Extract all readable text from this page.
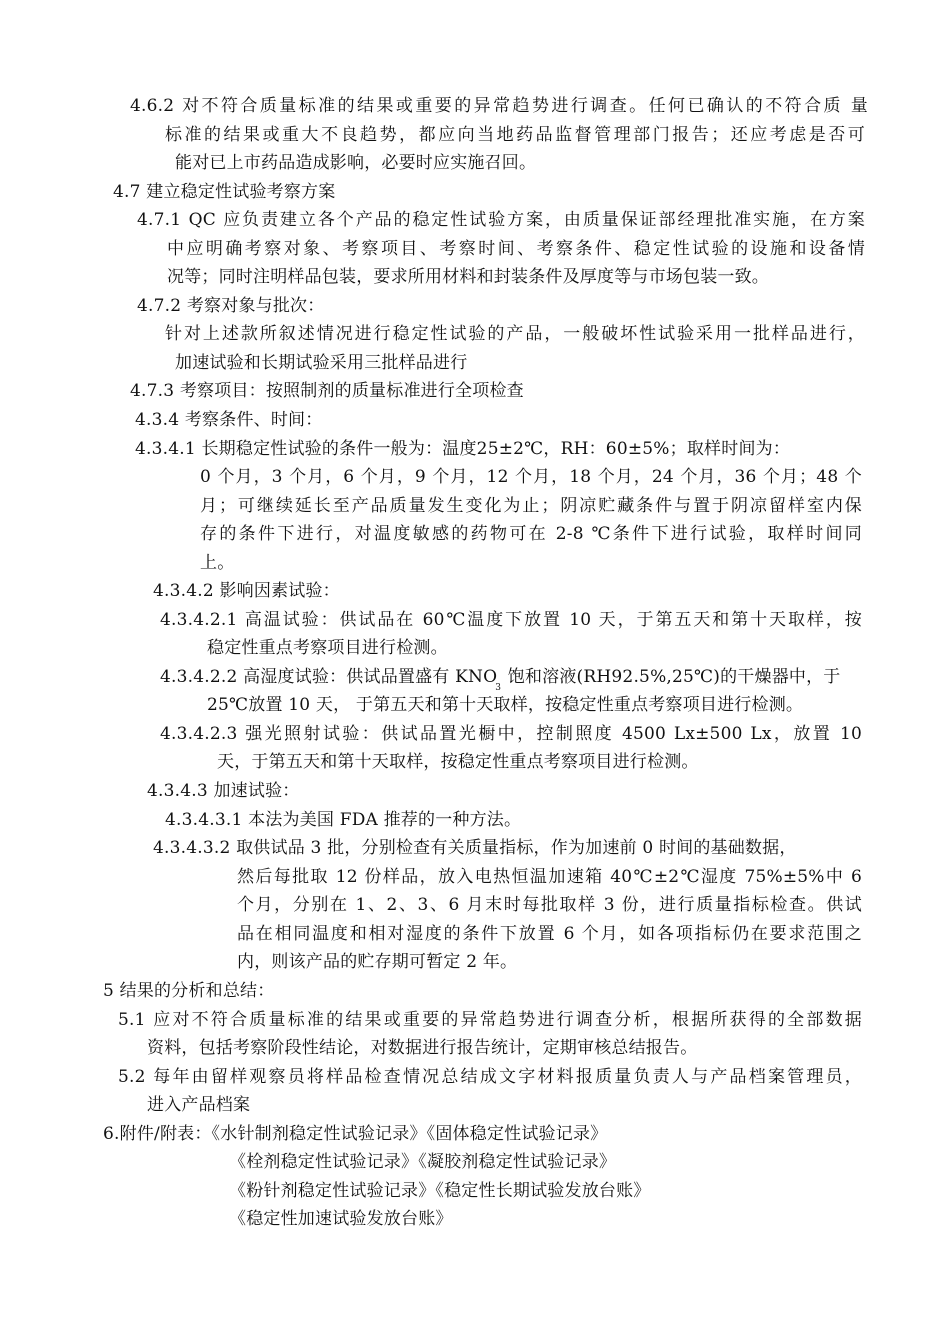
4.6.2 对不符合质量标准的结果或重要的异常趋势进行调查。任何已确认的不符合质 量
标准的结果或重大不良趋势，都应向当地药品监督管理部门报告；还应考虑是否可
能对已上市药品造成影响，必要时应实施召回。
4.7 建立稳定性试验考察方案
4.7.1 QC 应负责建立各个产品的稳定性试验方案，由质量保证部经理批准实施，在方案
中应明确考察对象、考察项目、考察时间、考察条件、稳定性试验的设施和设备情
况等；同时注明样品包装，要求所用材料和封装条件及厚度等与市场包装一致。
4.7.2 考察对象与批次：
针对上述款所叙述情况进行稳定性试验的产品，一般破坏性试验采用一批样品进行，
加速试验和长期试验采用三批样品进行
4.7.3 考察项目：按照制剂的质量标准进行全项检查
4.3.4 考察条件、时间：
4.3.4.1 长期稳定性试验的条件一般为：温度25±2℃，RH：60±5%；取样时间为：
0 个月，3 个月，6 个月，9 个月，12 个月，18 个月，24 个月，36 个月；48 个
月；可继续延长至产品质量发生变化为止；阴凉贮藏条件与置于阴凉留样室内保
存的条件下进行，对温度敏感的药物可在 2-8 ℃条件下进行试验，取样时间同
上。
4.3.4.2 影响因素试验：
4.3.4.2.1 高温试验：供试品在 60℃温度下放置 10 天，于第五天和第十天取样，按
稳定性重点考察项目进行检测。
4.3.4.2.2 高湿度试验：供试品置盛有 $KNO_3$ 饱和溶液(RH92.5%,25℃)的干燥器中，于
25℃放置 10 天， 于第五天和第十天取样，按稳定性重点考察项目进行检测。
4.3.4.2.3 强光照射试验：供试品置光橱中，控制照度 4500 Lx±500 Lx，放置 10
天，于第五天和第十天取样，按稳定性重点考察项目进行检测。
4.3.4.3 加速试验：
4.3.4.3.1 本法为美国 FDA 推荐的一种方法。
4.3.4.3.2 取供试品 3 批，分别检查有关质量指标，作为加速前 0 时间的基础数据，
然后每批取 12 份样品，放入电热恒温加速箱 40℃±2℃湿度 75%±5%中 6
个月，分别在 1、2、3、6 月末时每批取样 3 份，进行质量指标检查。供试
品在相同温度和相对湿度的条件下放置 6 个月，如各项指标仍在要求范围之
内，则该产品的贮存期可暂定 2 年。
5 结果的分析和总结：
5.1 应对不符合质量标准的结果或重要的异常趋势进行调查分析，根据所获得的全部数据
资料，包括考察阶段性结论，对数据进行报告统计，定期审核总结报告。
5.2 每年由留样观察员将样品检查情况总结成文字材料报质量负责人与产品档案管理员，
进入产品档案
6.附件/附表：《水针制剂稳定性试验记录》《固体稳定性试验记录》
《栓剂稳定性试验记录》《凝胶剂稳定性试验记录》
《粉针剂稳定性试验记录》《稳定性长期试验发放台账》
《稳定性加速试验发放台账》
